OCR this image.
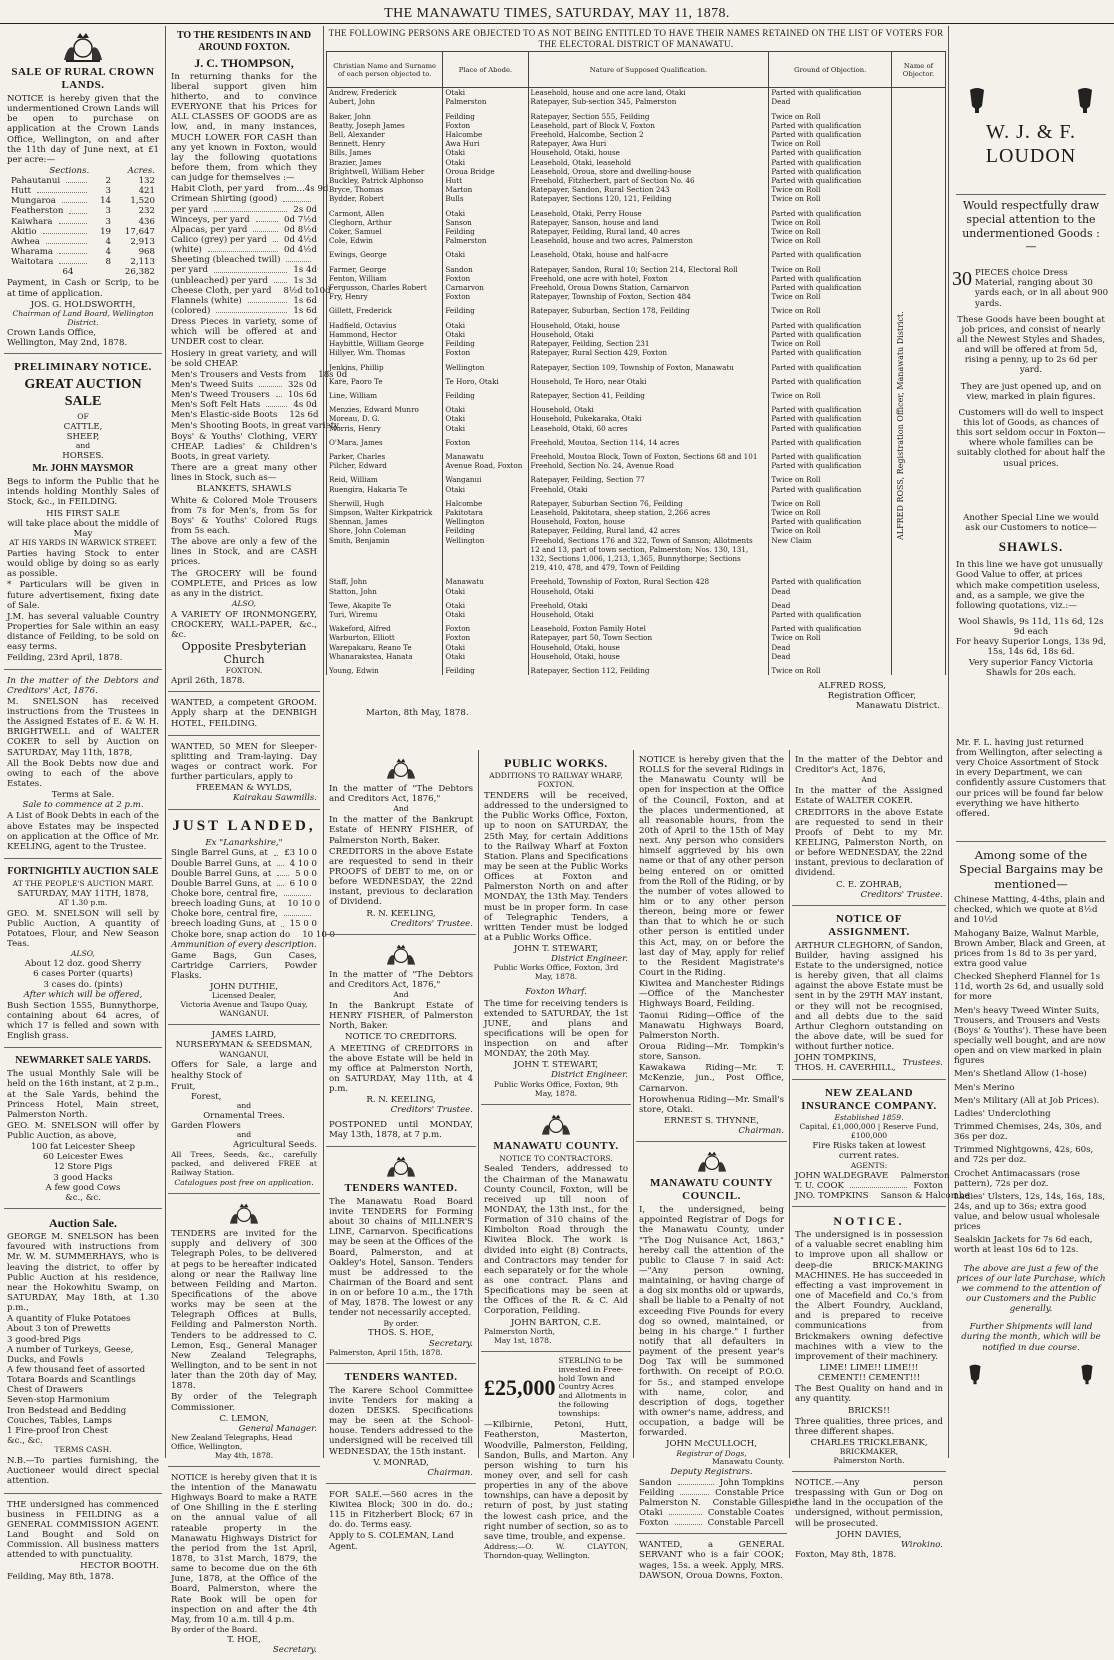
THE MANAWATU TIMES, SATURDAY, MAY 11, 1878.
SALE OF RURAL CROWN LANDS.

NOTICE is hereby given that the undermentioned Crown Lands will be open to purchase on application at the Crown Lands Office, Wellington, on and after the 11th day of June next, at £1 per acre:—

Sections.	Acres.
Pahautanui	2	132
Hutt	3	421
Mungaroa	14	1,520
Featherston	3	232
Kaiwhara	3	436
Akitio	19	17,647
Awhea	4	2,913
Wharama	4	968
Waitotara	8	2,113
64	26,382

Payment, in Cash or Scrip, to be at time of application.

JOS. G. HOLDSWORTH,
Chairman of Land Board, Wellington District.
Crown Lands Office,
Wellington, May 2nd, 1878.
PRELIMINARY NOTICE.
GREAT AUCTION SALE
OF
CATTLE,
SHEEP,
and
HORSES.
Mr. JOHN MAYSMOR

Begs to inform the Public that he intends holding Monthly Sales of Stock, &c., in FEILDING.

HIS FIRST SALE
will take place about the middle of May
AT HIS YARDS IN WARWICK STREET.

Parties having Stock to enter would oblige by doing so as early as possible.

* Particulars will be given in future advertisement, fixing date of Sale.

J.M. has several valuable Country Properties for Sale within an easy distance of Feilding, to be sold on easy terms.

Feilding, 23rd April, 1878.

In the matter of the Debtors and Creditors' Act, 1876.

M. SNELSON has received instructions from the Trustees in the Assigned Estates of E. & W. H. BRIGHTWELL and of WALTER COKER to sell by Auction on SATURDAY, May 11th, 1878,

All the Book Debts now due and owing to each of the above Estates.

Terms at Sale.
Sale to commence at 2 p.m.

A List of Book Debts in each of the above Estates may be inspected on application at the Office of Mr. KEELING, agent to the Trustee.

FORTNIGHTLY AUCTION SALE
AT THE PEOPLE'S AUCTION MART.
SATURDAY, MAY 11TH, 1878,
AT 1.30 p.m.

GEO. M. SNELSON will sell by Public Auction, A quantity of Potatoes, Flour, and New Season Teas.

ALSO,
About 12 doz. good Sherry
6 cases Porter (quarts)
3 cases do. (pints)
After which will be offered,

Bush Section 1555, Bunnythorpe, containing about 64 acres, of which 17 is felled and sown with English grass.

NEWMARKET SALE YARDS.

The usual Monthly Sale will be held on the 16th instant, at 2 p.m., at the Sale Yards, behind the Princess Hotel, Main street, Palmerston North.

GEO. M. SNELSON will offer by Public Auction, as above,

100 fat Leicester Sheep
60 Leicester Ewes
12 Store Pigs
3 good Hacks
A few good Cows
&c., &c.
Auction Sale.

GEORGE M. SNELSON has been favoured with instructions from Mr. W. M. SUMMERHAYS, who is leaving the district, to offer by Public Auction at his residence, near the Hokowhitu Swamp, on SATURDAY, May 18th, at 1.30 p.m.,

A quantity of Fluke Potatoes
About 3 ton of Prewetts
3 good-bred Pigs
A number of Turkeys, Geese, Ducks, and Fowls
A few thousand feet of assorted Totara Boards and Scantlings
Chest of Drawers
Seven-stop Harmonium
Iron Bedstead and Bedding
Couches, Tables, Lamps
1 Fire-proof Iron Chest
&c., &c.
TERMS CASH.

N.B.—To parties furnishing, the Auctioneer would direct special attention.

THE undersigned has commenced business in FEILDING as a GENERAL COMMISSION AGENT. Land Bought and Sold on Commission. All business matters attended to with punctuality.

HECTOR BOOTH.
Feilding, May 8th, 1878.
TO THE RESIDENTS IN AND AROUND FOXTON.
J. C. THOMPSON,

In returning thanks for the liberal support given him hitherto, and to convince EVERYONE that his Prices for ALL CLASSES OF GOODS are as low, and, in many instances, MUCH LOWER FOR CASH than any yet known in Foxton, would lay the following quotations before them, from which they can judge for themselves :—

Habit Cloth, per yard from...4s 9d
Crimean Shirting (good)
per yard	2s 0d
Winceys, per yard	0d 7½d
Alpacas, per yard	0d 8½d
Calico (grey) per yard 0d 4½d
(white)	0d 4½d
Sheeting (bleached twill)
per yard	1s 4d
(unbleached) per yard	1s 3d
Cheese Cloth, per yard 8½d to10d
Flannels (white)	1s 6d
(colored)	1s 6d

Dress Pieces in variety, some of which will be offered at and UNDER cost to clear.

Hosiery in great variety, and will be sold CHEAP.

Men's Trousers and Vests from 18s 0d
Men's Tweed Suits	32s 0d
Men's Tweed Trousers 10s 6d
Men's Soft Felt Hats	4s 0d
Men's Elastic-side Boots 12s 6d
Men's Shooting Boots, in great variety.

Boys' & Youths' Clothing, VERY CHEAP. Ladies' & Children's Boots, in great variety.

There are a great many other lines in Stock, such as—

BLANKETS, SHAWLS

White & Colored Mole Trousers from 7s for Men's, from 5s for Boys' & Youths' Colored Rugs from 5s each.

The above are only a few of the lines in Stock, and are CASH prices.

The GROCERY will be found COMPLETE, and Prices as low as any in the district.

ALSO,

A VARIETY OF IRONMONGERY, CROCKERY, WALL-PAPER, &c., &c.

Opposite Presbyterian Church
FOXTON.
April 26th, 1878.

WANTED, a competent GROOM. Apply sharp at the DENBIGH HOTEL, FEILDING.

WANTED, 50 MEN for Sleeper-splitting and Tram-laying. Day wages or contract work. For further particulars, apply to

FREEMAN & WYLDS,
Kairakau Sawmills.
JUST LANDED,
Ex "Lanarkshire,"
Single Barrel Guns, at £3 10 0
Double Barrel Guns, at 4 10 0
Double Barrel Guns, at	5 0 0
Double Barrel Guns, at 6 10 0
Choke bore, central fire,
breech loading Guns, at 10 10 0
Choke bore, central fire,
breech loading Guns, at 15 0 0
Choke bore, snap action do 10 10 0
Ammunition of every description.

Game Bags, Gun Cases, Cartridge Carriers, Powder Flasks.

JOHN DUTHIE,
Licensed Dealer,
Victoria Avenue and Taupo Quay,
WANGANUI.
JAMES LAIRD,
NURSERYMAN & SEEDSMAN,
WANGANUI,

Offers for Sale, a large and healthy Stock of

Fruit,
Forest,
and
Ornamental Trees.
Garden Flowers
and
Agricultural Seeds.

All Trees, Seeds, &c., carefully packed, and delivered FREE at Railway Station.

Catalogues post free on application.

TENDERS are invited for the supply and delivery of 300 Telegraph Poles, to be delivered at pegs to be hereafter indicated along or near the Railway line between Feilding and Marton. Specifications of the above works may be seen at the Telegraph Offices at Bulls, Feilding and Palmerston North. Tenders to be addressed to C. Lemon, Esq., General Manager New Zealand Telegraphs, Wellington, and to be sent in not later than the 20th day of May, 1878.

By order of the Telegraph Commissioner.

C. LEMON,
General Manager.
New Zealand Telegraphs, Head Office, Wellington,
May 4th, 1878.

NOTICE is hereby given that it is the intention of the Manawatu Highways Board to make a RATE of One Shilling in the £ sterling on the annual value of all rateable property in the Manawatu Highways District for the period from the 1st April, 1878, to 31st March, 1879, the same to become due on the 6th June, 1878, at the Office of the Board, Palmerston, where the Rate Book will be open for inspection on and after the 4th May, from 10 a.m. till 4 p.m.

By order of the Board.
T. HOE,
Secretary.
THE FOLLOWING PERSONS ARE OBJECTED TO AS NOT BEING ENTITLED TO HAVE THEIR NAMES RETAINED ON THE LIST OF VOTERS FOR THE ELECTORAL DISTRICT OF MANAWATU.
Christian Name and Surname of each person objected to.	Place of Abode.	Nature of Supposed Qualification.	Ground of Objection.	Name of Objector.
Andrew, Frederick	Otaki	Leasehold, house and one acre land, Otaki	Parted with qualification	
Aubert, John	Palmerston	Ratepayer, Sub-section 345, Palmerston	Dead	

Baker, John	Feilding	Ratepayer, Section 555, Feilding	Twice on Roll	
Beatty, Joseph James	Foxton	Leasehold, part of Block V, Foxton	Parted with qualification	
Bell, Alexander	Halcombe	Freehold, Halcombe, Section 2	Parted with qualification	
Bennett, Henry	Awa Huri	Ratepayer, Awa Huri	Twice on Roll	
Bills, James	Otaki	Household, Otaki, house	Parted with qualification	
Brazier, James	Otaki	Leasehold, Otaki, leasehold	Parted with qualification	
Brightwell, William Heber	Oroua Bridge	Leasehold, Oroua, store and dwelling-house	Parted with qualification	
Buckley, Patrick Alphonso	Hutt	Freehold, Fitzherbert, part of Section No. 46	Parted with qualification	
Bryce, Thomas	Marton	Ratepayer, Sandon, Rural Section 243	Twice on Roll	
Bydder, Robert	Bulls	Ratepayer, Sections 120, 121, Feilding	Twice on Roll	

Carmont, Allen	Otaki	Leasehold, Otaki, Perry House	Parted with qualification	
Cleghorn, Arthur	Sanson	Ratepayer, Sanson, house and land	Twice on Roll	
Coker, Samuel	Feilding	Ratepayer, Feilding, Rural land, 40 acres	Twice on Roll	
Cole, Edwin	Palmerston	Leasehold, house and two acres, Palmerston	Twice on Roll	

Ewings, George	Otaki	Leasehold, Otaki, house and half-acre	Parted with qualification	

Farmer, George	Sandon	Ratepayer, Sandon, Rural 10; Section 214, Electoral Roll	Twice on Roll	
Fenton, William	Foxton	Freehold, one acre with hotel, Foxton	Parted with qualification	
Fergusson, Charles Robert	Carnarvon	Freehold, Oroua Downs Station, Carnarvon	Parted with qualification	
Fry, Henry	Foxton	Ratepayer, Township of Foxton, Section 484	Twice on Roll	

Gillett, Frederick	Feilding	Ratepayer, Suburban, Section 178, Feilding	Twice on Roll	

Hadfield, Octavius	Otaki	Household, Otaki, house	Parted with qualification	
Hammond, Hector	Otaki	Household, Otaki	Parted with qualification	
Haybittle, William George	Feilding	Ratepayer, Feilding, Section 231	Twice on Roll	
Hillyer, Wm. Thomas	Foxton	Ratepayer, Rural Section 429, Foxton	Parted with qualification	

Jenkins, Phillip	Wellington	Ratepayer, Section 109, Township of Foxton, Manawatu	Parted with qualification	

Kare, Paoro Te	Te Horo, Otaki	Household, Te Horo, near Otaki	Parted with qualification	

Line, William	Feilding	Ratepayer, Section 41, Feilding	Twice on Roll	

Menzies, Edward Munro	Otaki	Household, Otaki	Parted with qualification	
Moreau, D. G.	Otaki	Household, Pukekaraka, Otaki	Parted with qualification	
Morris, Henry	Otaki	Leasehold, Otaki, 60 acres	Parted with qualification	

O'Mara, James	Foxton	Freehold, Moutoa, Section 114, 14 acres	Parted with qualification	

Parker, Charles	Manawatu	Freehold, Moutoa Block, Town of Foxton, Sections 68 and 101	Parted with qualification	
Pilcher, Edward	Avenue Road, Foxton	Freehold, Section No. 24, Avenue Road	Parted with qualification	

Reid, William	Wanganui	Ratepayer, Feilding, Section 77	Twice on Roll	
Ruengira, Hakaria Te	Otaki	Freehold, Otaki	Parted with qualification	

Sherwill, Hugh	Halcombe	Ratepayer, Suburban Section 76, Feilding	Twice on Roll	
Simpson, Walter Kirkpatrick	Pakitotara	Leasehold, Pakitotara, sheep station, 2,266 acres	Twice on Roll	
Shennan, James	Wellington	Household, Foxton, house	Parted with qualification	
Shore, John Coleman	Feilding	Ratepayer, Feilding, Rural land, 42 acres	Twice on Roll	
Smith, Benjamin	Wellington	Freehold, Sections 176 and 322, Town of Sanson; Allotments	New Claim	
		12 and 13, part of town section, Palmerston; Nos. 130, 131,		
		132, Sections 1,006, 1,213, 1,365, Bunnythorpe; Sections		
		219, 410, 478, and 479, Town of Feilding		

Staff, John	Manawatu	Freehold, Township of Foxton, Rural Section 428	Parted with qualification	
Statton, John	Otaki	Household, Otaki	Dead	

Tewe, Akapite Te	Otaki	Freehold, Otaki	Dead	
Turi, Wiremu	Otaki	Household, Otaki	Parted with qualification	

Wakeford, Alfred	Foxton	Leasehold, Foxton Family Hotel	Parted with qualification	
Warburton, Elliott	Foxton	Ratepayer, part 50, Town Section	Twice on Roll	
Warepakaru, Reano Te	Otaki	Household, Otaki, house	Dead	
Whanarakstea, Hanata	Otaki	Household, Otaki, house	Dead	

Young, Edwin	Feilding	Ratepayer, Section 112, Feilding	Twice on Roll	
ALFRED ROSS,
Registration Officer,
Manawatu District.
Marton, 8th May, 1878.
ALFRED ROSS, Registration Officer, Manawatu District.

In the matter of "The Debtors and Creditors Act, 1876,"

And

In the matter of the Bankrupt Estate of HENRY FISHER, of Palmerston North, Baker.

CREDITORS in the above Estate are requested to send in their PROOFS of DEBT to me, on or before WEDNESDAY, the 22nd instant, previous to declaration of Dividend.

R. N. KEELING,
Creditors' Trustee.

In the matter of "The Debtors and Creditors Act, 1876,"

And

In the Bankrupt Estate of HENRY FISHER, of Palmerston North, Baker.

NOTICE TO CREDITORS.

A MEETING of CREDITORS in the above Estate will be held in my office at Palmerston North, on SATURDAY, May 11th, at 4 p.m.

R. N. KEELING,
Creditors' Trustee.

POSTPONED until MONDAY, May 13th, 1878, at 7 p.m.

TENDERS WANTED.

The Manawatu Road Board invite TENDERS for Forming about 30 chains of MILLNER'S LINE, Carnarvon. Specifications may be seen at the Offices of the Board, Palmerston, and at Oakley's Hotel, Sanson. Tenders must be addressed to the Chairman of the Board and sent in on or before 10 a.m., the 17th of May, 1878. The lowest or any tender not necessarily accepted.

By order.
THOS. S. HOE,
Secretary.
Palmerston, April 15th, 1878.
TENDERS WANTED.

The Karere School Committee invite Tenders for making a dozen DESKS. Specifications may be seen at the School-house. Tenders addressed to the undersigned will be received till WEDNESDAY, the 15th instant.

V. MONRAD,
Chairman.

FOR SALE.—560 acres in the Kiwitea Block; 300 in do. do.; 115 in Fitzherbert Block; 67 in do. do. Terms easy.

Apply to S. COLEMAN, Land Agent.
PUBLIC WORKS.
ADDITIONS TO RAILWAY WHARF, FOXTON.

TENDERS will be received, addressed to the undersigned to the Public Works Office, Foxton, up to noon on SATURDAY, the 25th May, for certain Additions to the Railway Wharf at Foxton Station. Plans and Specifications may be seen at the Public Works Offices at Foxton and Palmerston North on and after MONDAY, the 13th May. Tenders must be in proper form. In case of Telegraphic Tenders, a written Tender must be lodged at a Public Works Office.

JOHN T. STEWART,
District Engineer.
Public Works Office, Foxton, 3rd May, 1878.
Foxton Wharf.

The time for receiving tenders is extended to SATURDAY, the 1st JUNE, and plans and specifications will be open for inspection on and after MONDAY, the 20th May.

JOHN T. STEWART,
District Engineer.
Public Works Office, Foxton, 9th May, 1878.
MANAWATU COUNTY.
NOTICE TO CONTRACTORS.

Sealed Tenders, addressed to the Chairman of the Manawatu County Council, Foxton, will be received up till noon of MONDAY, the 13th inst., for the Formation of 310 chains of the Kimbolton Road through the Kiwitea Block. The work is divided into eight (8) Contracts, and Contractors may tender for each separately or for the whole as one contract. Plans and Specifications may be seen at the Offices of the R. & C. Aid Corporation, Feilding.

JOHN BARTON, C.E.
Palmerston North,
May 1st, 1878.
£25,000
STERLING to be invested in Free-hold Town and Country Acres and Allotments in the following townships:

—Kilbirnie, Petoni, Hutt, Featherston, Masterton, Woodville, Palmerston, Feilding, Sandon, Bulls, and Marton. Any person wishing to turn his money over, and sell for cash properties in any of the above townships, can have a deposit by return of post, by just stating the lowest cash price, and the right number of section, so as to save time, trouble, and expense.

Address:—O. W. CLAYTON, Thorndon-quay, Wellington.

NOTICE is hereby given that the ROLLS for the several Ridings in the Manawatu County will be open for inspection at the Office of the Council, Foxton, and at the places undermentioned, at all reasonable hours, from the 20th of April to the 15th of May next. Any person who considers himself aggrieved by his own name or that of any other person being entered on or omitted from the Roll of the Riding, or by the number of votes allowed to him or to any other person thereon, being more or fewer than that to which he or such other person is entitled under this Act, may, on or before the last day of May, apply for relief to the Resident Magistrate's Court in the Riding.

Kiwitea and Manchester Ridings—Office of the Manchester Highways Board, Feilding.

Taonui Riding—Office of the Manawatu Highways Board, Palmerston North.

Oroua Riding—Mr. Tompkin's store, Sanson.

Kawakawa Riding—Mr. T. McKenzie, jun., Post Office, Carnarvon.

Horowhenua Riding—Mr. Small's store, Otaki.

ERNEST S. THYNNE,
Chairman.
MANAWATU COUNTY COUNCIL.

I, the undersigned, being appointed Registrar of Dogs for the Manawatu County, under "The Dog Nuisance Act, 1863," hereby call the attention of the public to Clause 7 in said Act:—"Any person owning, maintaining, or having charge of a dog six months old or upwards, shall be liable to a Penalty of not exceeding Five Pounds for every dog so owned, maintained, or being in his charge." I further notify that all defaulters in payment of the present year's Dog Tax will be summoned forthwith. On receipt of P.O.O. for 5s., and stamped envelope with name, color, and description of dogs, together with owner's name, address, and occupation, a badge will be forwarded.

JOHN McCULLOCH,
Registrar of Dogs,
Manawatu County.
Deputy Registrars.
Sandon	John Tompkins
Feilding	Constable Price
Palmerston N. Constable Gillespie
Otaki	Constable Coates
Foxton	Constable Parcell

WANTED, a GENERAL SERVANT who is a fair COOK; wages, 15s. a week. Apply, MRS. DAWSON, Oroua Downs, Foxton.

In the matter of the Debtor and Creditor's Act, 1876,

And

In the matter of the Assigned Estate of WALTER COKER.

CREDITORS in the above Estate are requested to send in their Proofs of Debt to my Mr. KEELING, Palmerston North, on or before WEDNESDAY, the 22nd instant, previous to declaration of dividend.

C. E. ZOHRAB,
Creditors' Trustee.
NOTICE OF ASSIGNMENT.

ARTHUR CLEGHORN, of Sandon, Builder, having assigned his Estate to the undersigned, notice is hereby given, that all claims against the above Estate must be sent in by the 29TH MAY instant, or they will not be recognised, and all debts due to the said Arthur Cleghorn outstanding on the above date, will be sued for without further notice.

JOHN TOMPKINS,
THOS. H. CAVERHILL,
Trustees.
NEW ZEALAND INSURANCE COMPANY.
Established 1859.
Capital, £1,000,000 | Reserve Fund, £100,000
Fire Risks taken at lowest current rates.
AGENTS:
JOHN WALDEGRAVE Palmerston
T. U. COOK	Foxton
JNO. TOMPKINS Sanson & Halcombe
NOTICE.

The undersigned is in possession of a valuable secret enabling him to improve upon all shallow or deep-die BRICK-MAKING MACHINES. He has succeeded in effecting a vast improvement in one of Macefield and Co.'s from the Albert Foundry, Auckland, and is prepared to receive communications from Brickmakers owning defective machines with a view to the improvement of their machinery.

LIME! LIME!! LIME!!!
CEMENT!! CEMENT!!!

The Best Quality on hand and in any quantity.

BRICKS!!

Three qualities, three prices, and three different shapes.

CHARLES TRICKLEBANK,
BRICKMAKER,
Palmerston North.

NOTICE.—Any person trespassing with Gun or Dog on the land in the occupation of the undersigned, without permission, will be prosecuted.

JOHN DAVIES,
Wirokino.
Foxton, May 8th, 1878.
W. J. & F. LOUDON

Would respectfully draw special attention to the undermentioned Goods :—

30 PIECES choice Dress Material, ranging about 30 yards each, or in all about 900 yards.

These Goods have been bought at job prices, and consist of nearly all the Newest Styles and Shades, and will be offered at from 5d, rising a penny, up to 2s 6d per yard.

They are just opened up, and on view, marked in plain figures.

Customers will do well to inspect this lot of Goods, as chances of this sort seldom occur in Foxton—where whole families can be suitably clothed for about half the usual prices.

Another Special Line we would ask our Customers to notice—

SHAWLS.

In this line we have got unusually Good Value to offer, at prices which make competition useless, and, as a sample, we give the following quotations, viz.:—

Wool Shawls, 9s 11d, 11s 6d, 12s 9d each

For heavy Superior Longs, 13s 9d, 15s, 14s 6d, 18s 6d.

Very superior Fancy Victoria Shawls for 20s each.

Mr. F. L. having just returned from Wellington, after selecting a very Choice Assortment of Stock in every Department, we can confidently assure Customers that our prices will be found far below everything we have hitherto offered.

Among some of the Special Bargains may be mentioned—

Chinese Matting, 4-4ths, plain and checked, which we quote at 8½d and 10½d

Mahogany Baize, Walnut Marble, Brown Amber, Black and Green, at prices from 1s 8d to 3s per yard, extra good value

Checked Shepherd Flannel for 1s 11d, worth 2s 6d, and usually sold for more

Men's heavy Tweed Winter Suits, Trousers, and Trousers and Vests (Boys' & Youths'). These have been specially well bought, and are now open and on view marked in plain figures

Men's Shetland Allow (1-hose)

Men's Merino

Men's Military (All at Job Prices).

Ladies' Underclothing

Trimmed Chemises, 24s, 30s, and 36s per doz.

Trimmed Nightgowns, 42s, 60s, and 72s per doz.

Crochet Antimacassars (rose pattern), 72s per doz.

Ladies' Ulsters, 12s, 14s, 16s, 18s, 24s, and up to 36s; extra good value, and below usual wholesale prices

Sealskin Jackets for 7s 6d each, worth at least 10s 6d to 12s.

The above are just a few of the prices of our late Purchase, which we commend to the attention of our Customers and the Public generally.

Further Shipments will land during the month, which will be notified in due course.
